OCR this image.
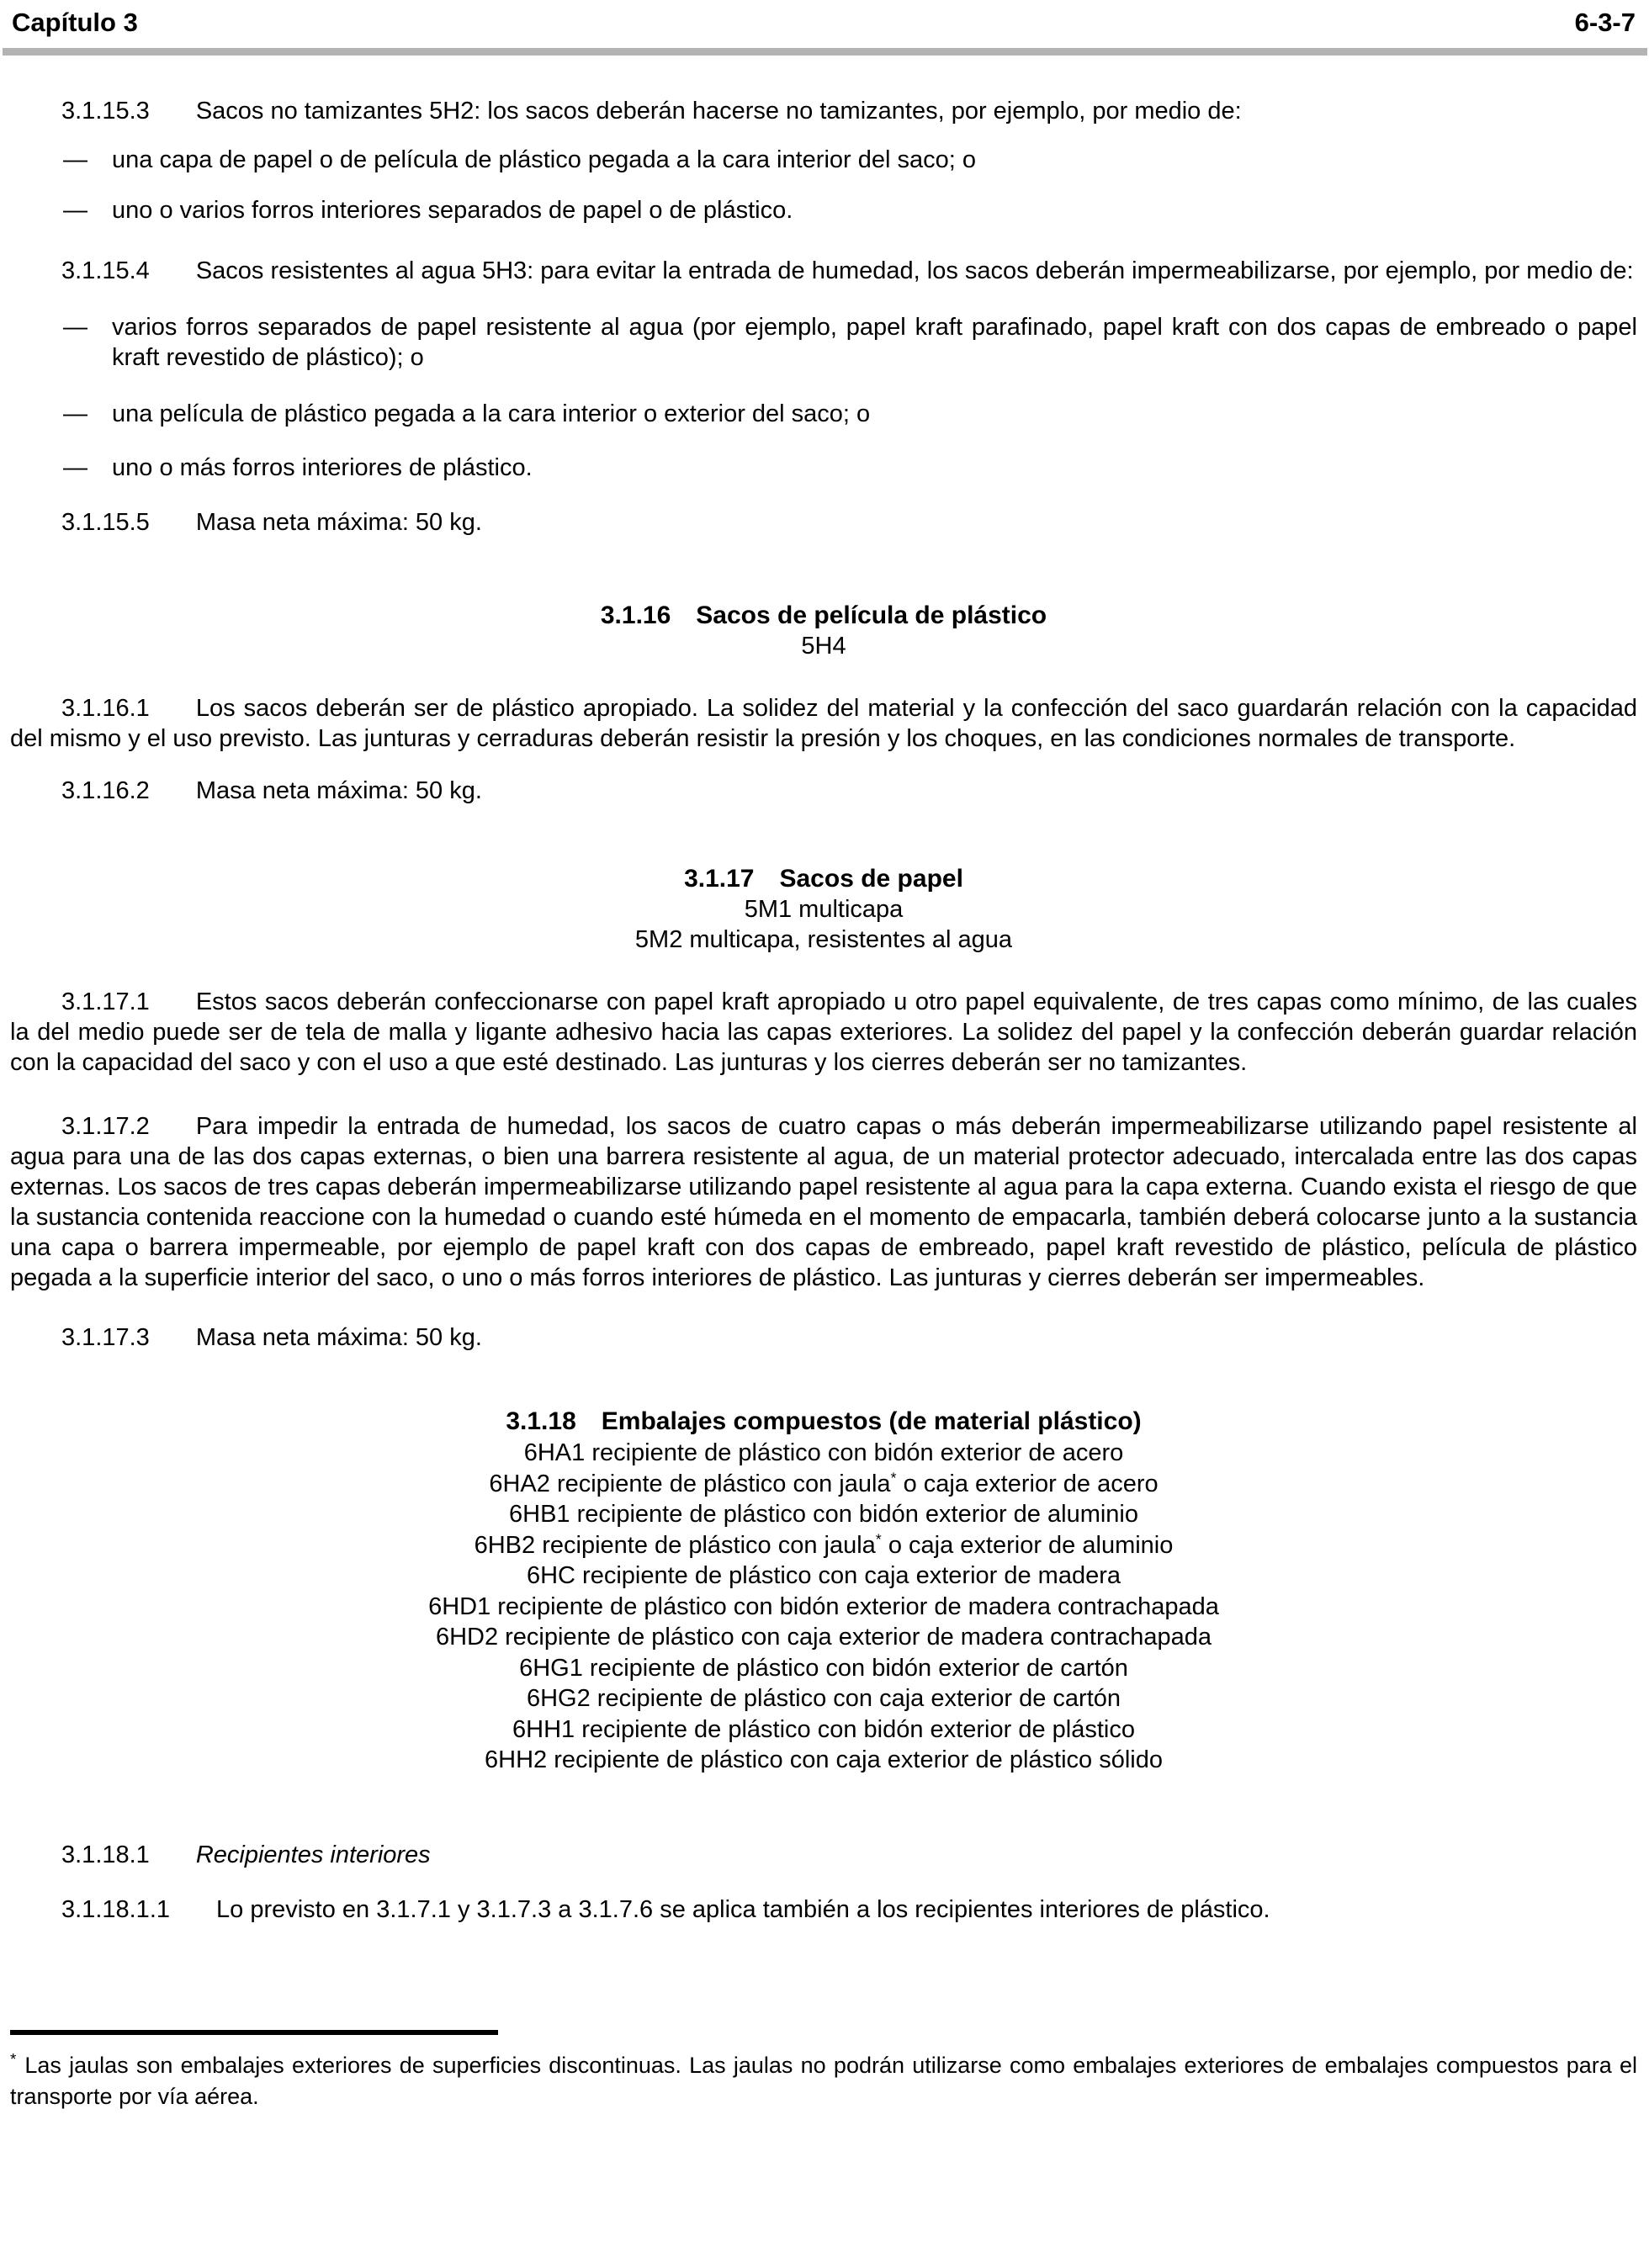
Capítulo 3	6-3-7

3.1.15.3 Sacos no tamizantes 5H2: los sacos deberán hacerse no tamizantes, por ejemplo, por medio de:

—	una capa de papel o de película de plástico pegada a la cara interior del saco; o
—	uno o varios forros interiores separados de papel o de plástico.

3.1.15.4 Sacos resistentes al agua 5H3: para evitar la entrada de humedad, los sacos deberán impermeabilizarse, por ejemplo, por medio de:

—	varios forros separados de papel resistente al agua (por ejemplo, papel kraft parafinado, papel kraft con dos capas de embreado o papel kraft revestido de plástico); o
—	una película de plástico pegada a la cara interior o exterior del saco; o
—	uno o más forros interiores de plástico.

3.1.15.5 Masa neta máxima: 50 kg.

3.1.16 Sacos de película de plástico
5H4

3.1.16.1 Los sacos deberán ser de plástico apropiado. La solidez del material y la confección del saco guardarán relación con la capacidad del mismo y el uso previsto. Las junturas y cerraduras deberán resistir la presión y los choques, en las condiciones normales de transporte.

3.1.16.2 Masa neta máxima: 50 kg.

3.1.17 Sacos de papel
5M1 multicapa
5M2 multicapa, resistentes al agua

3.1.17.1 Estos sacos deberán confeccionarse con papel kraft apropiado u otro papel equivalente, de tres capas como mínimo, de las cuales la del medio puede ser de tela de malla y ligante adhesivo hacia las capas exteriores. La solidez del papel y la confección deberán guardar relación con la capacidad del saco y con el uso a que esté destinado. Las junturas y los cierres deberán ser no tamizantes.

3.1.17.2 Para impedir la entrada de humedad, los sacos de cuatro capas o más deberán impermeabilizarse utilizando papel resistente al agua para una de las dos capas externas, o bien una barrera resistente al agua, de un material protector adecuado, intercalada entre las dos capas externas. Los sacos de tres capas deberán impermeabilizarse utilizando papel resistente al agua para la capa externa. Cuando exista el riesgo de que la sustancia contenida reaccione con la humedad o cuando esté húmeda en el momento de empacarla, también deberá colocarse junto a la sustancia una capa o barrera impermeable, por ejemplo de papel kraft con dos capas de embreado, papel kraft revestido de plástico, película de plástico pegada a la superficie interior del saco, o uno o más forros interiores de plástico. Las junturas y cierres deberán ser impermeables.

3.1.17.3 Masa neta máxima: 50 kg.

3.1.18 Embalajes compuestos (de material plástico)
6HA1 recipiente de plástico con bidón exterior de acero
6HA2 recipiente de plástico con jaula* o caja exterior de acero
6HB1 recipiente de plástico con bidón exterior de aluminio
6HB2 recipiente de plástico con jaula* o caja exterior de aluminio
6HC recipiente de plástico con caja exterior de madera
6HD1 recipiente de plástico con bidón exterior de madera contrachapada
6HD2 recipiente de plástico con caja exterior de madera contrachapada
6HG1 recipiente de plástico con bidón exterior de cartón
6HG2 recipiente de plástico con caja exterior de cartón
6HH1 recipiente de plástico con bidón exterior de plástico
6HH2 recipiente de plástico con caja exterior de plástico sólido

3.1.18.1 Recipientes interiores

3.1.18.1.1 Lo previsto en 3.1.7.1 y 3.1.7.3 a 3.1.7.6 se aplica también a los recipientes interiores de plástico.

* Las jaulas son embalajes exteriores de superficies discontinuas. Las jaulas no podrán utilizarse como embalajes exteriores de embalajes compuestos para el transporte por vía aérea.
